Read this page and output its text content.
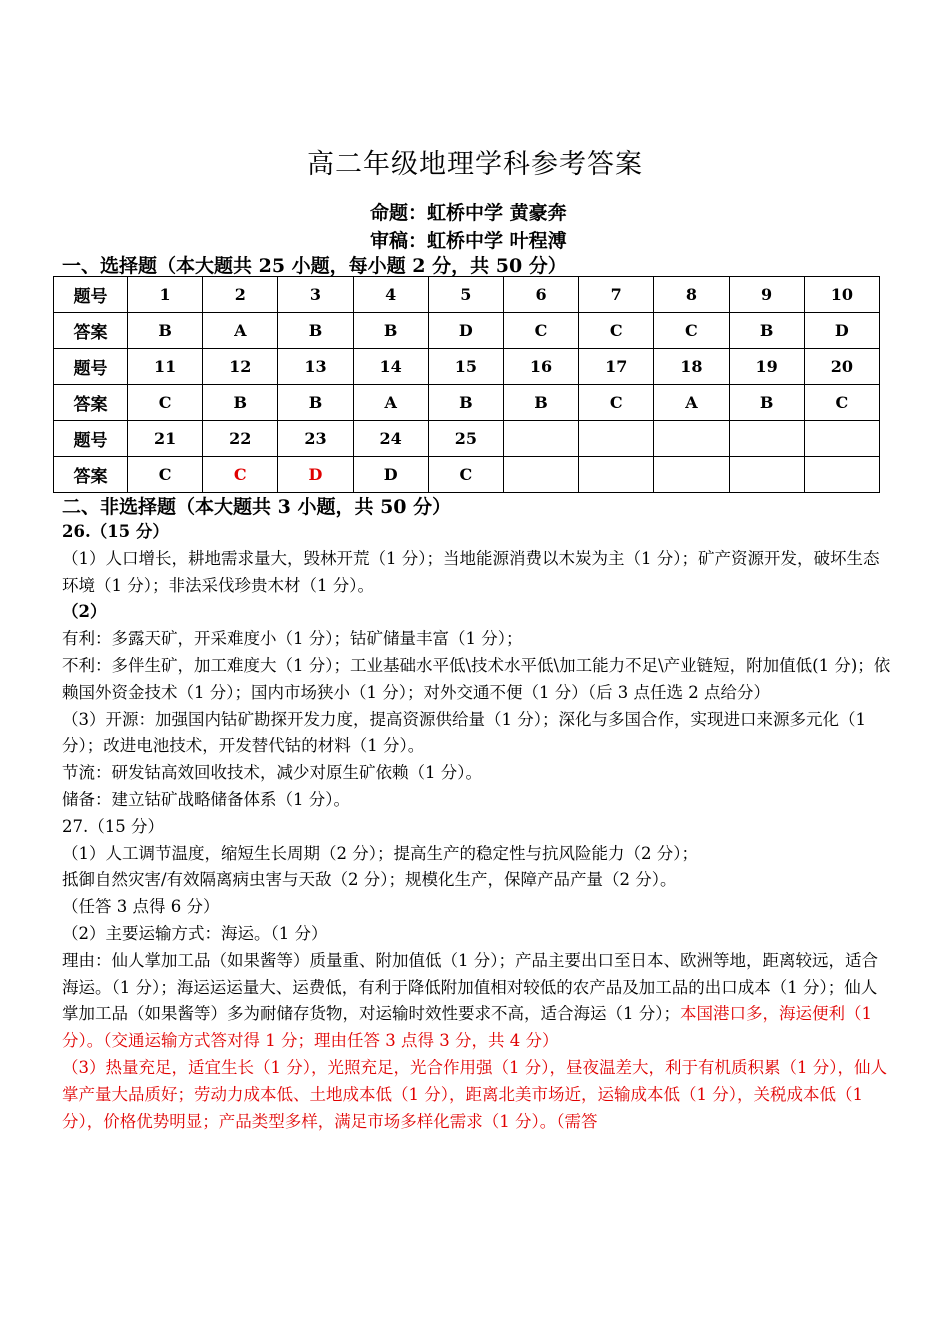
高二年级地理学科参考答案
命题：虹桥中学 黄豪奔
审稿：虹桥中学 叶程溥
一、选择题（本大题共 25 小题，每小题 2 分，共 50 分）
题号	1	2	3	4	5	6	7	8	9	10
答案	B	A	B	B	D	C	C	C	B	D
题号	11	12	13	14	15	16	17	18	19	20
答案	C	B	B	A	B	B	C	A	B	C
题号	21	22	23	24	25					
答案	C	C	D	D	C					
二、非选择题（本大题共 3 小题，共 50 分）

26.（15 分）

（1）人口增长，耕地需求量大，毁林开荒（1 分）；当地能源消费以木炭为主（1 分）；矿产资源开发，破坏生态环境（1 分）；非法采伐珍贵木材（1 分）。

（2）

有利：多露天矿，开采难度小（1 分）；钴矿储量丰富（1 分）；

不利：多伴生矿，加工难度大（1 分）；工业基础水平低\技术水平低\加工能力不足\产业链短，附加值低(1 分)；依赖国外资金技术（1 分）；国内市场狭小（1 分）；对外交通不便（1 分）（后 3 点任选 2 点给分）

（3）开源：加强国内钴矿勘探开发力度，提高资源供给量（1 分）；深化与多国合作，实现进口来源多元化（1 分）；改进电池技术，开发替代钴的材料（1 分）。

节流：研发钴高效回收技术，减少对原生矿依赖（1 分）。

储备：建立钴矿战略储备体系（1 分）。

27.（15 分）

（1）人工调节温度，缩短生长周期（2 分）；提高生产的稳定性与抗风险能力（2 分）；

抵御自然灾害/有效隔离病虫害与天敌（2 分）；规模化生产，保障产品产量（2 分）。

（任答 3 点得 6 分）

（2）主要运输方式：海运。（1 分）

理由：仙人掌加工品（如果酱等）质量重、附加值低（1 分）；产品主要出口至日本、欧洲等地，距离较远，适合海运。（1 分）；海运运运量大、运费低，有利于降低附加值相对较低的农产品及加工品的出口成本（1 分）；仙人掌加工品（如果酱等）多为耐储存货物，对运输时效性要求不高，适合海运（1 分）；本国港口多，海运便利（1 分）。（交通运输方式答对得 1 分；理由任答 3 点得 3 分，共 4 分）

（3）热量充足，适宜生长（1 分），光照充足，光合作用强（1 分），昼夜温差大，利于有机质积累（1 分），仙人掌产量大品质好；劳动力成本低、土地成本低（1 分），距离北美市场近，运输成本低（1 分），关税成本低（1 分），价格优势明显；产品类型多样，满足市场多样化需求（1 分）。（需答
